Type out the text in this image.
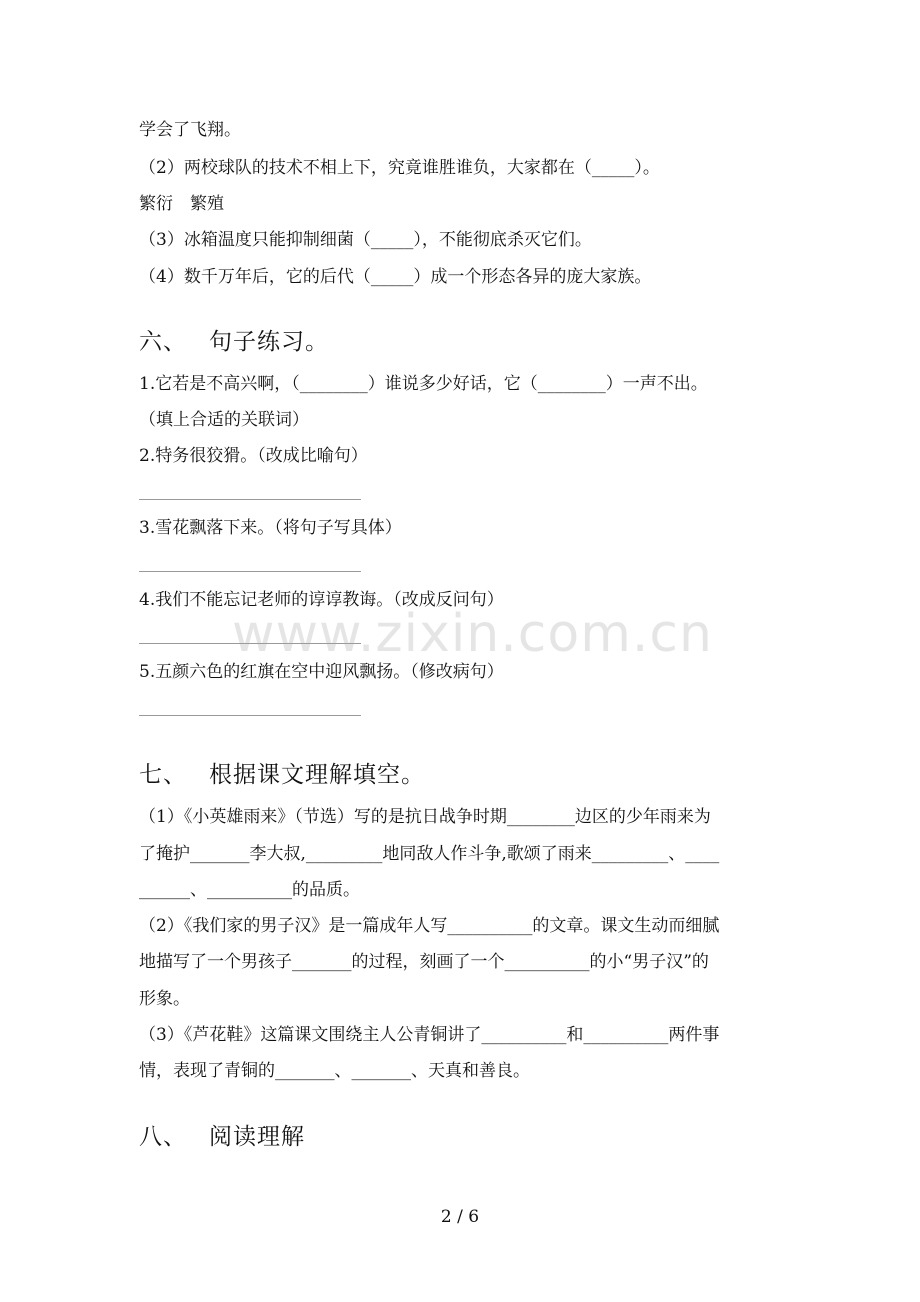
学会了飞翔。
（2）两校球队的技术不相上下，究竟谁胜谁负，大家都在（_____）。
繁衍　繁殖
（3）冰箱温度只能抑制细菌（_____），不能彻底杀灭它们。
（4）数千万年后，它的后代（_____）成一个形态各异的庞大家族。
六、 句子练习。
1.它若是不高兴啊，（________）谁说多少好话，它（________）一声不出。
（填上合适的关联词）
2.特务很狡猾。（改成比喻句）
3.雪花飘落下来。（将句子写具体）
4.我们不能忘记老师的谆谆教诲。（改成反问句）
5.五颜六色的红旗在空中迎风飘扬。（修改病句）
七、 根据课文理解填空。
（1）《小英雄雨来》（节选）写的是抗日战争时期________边区的少年雨来为
了掩护_______李大叔,_________地同敌人作斗争,歌颂了雨来_________、____
______、__________的品质。
（2）《我们家的男子汉》是一篇成年人写__________的文章。课文生动而细腻
地描写了一个男孩子_______的过程，刻画了一个__________的小“男子汉”的
形象。
（3）《芦花鞋》这篇课文围绕主人公青铜讲了__________和__________两件事
情，表现了青铜的_______、_______、天真和善良。
八、 阅读理解
www.zixin.com.cn
2 / 6
